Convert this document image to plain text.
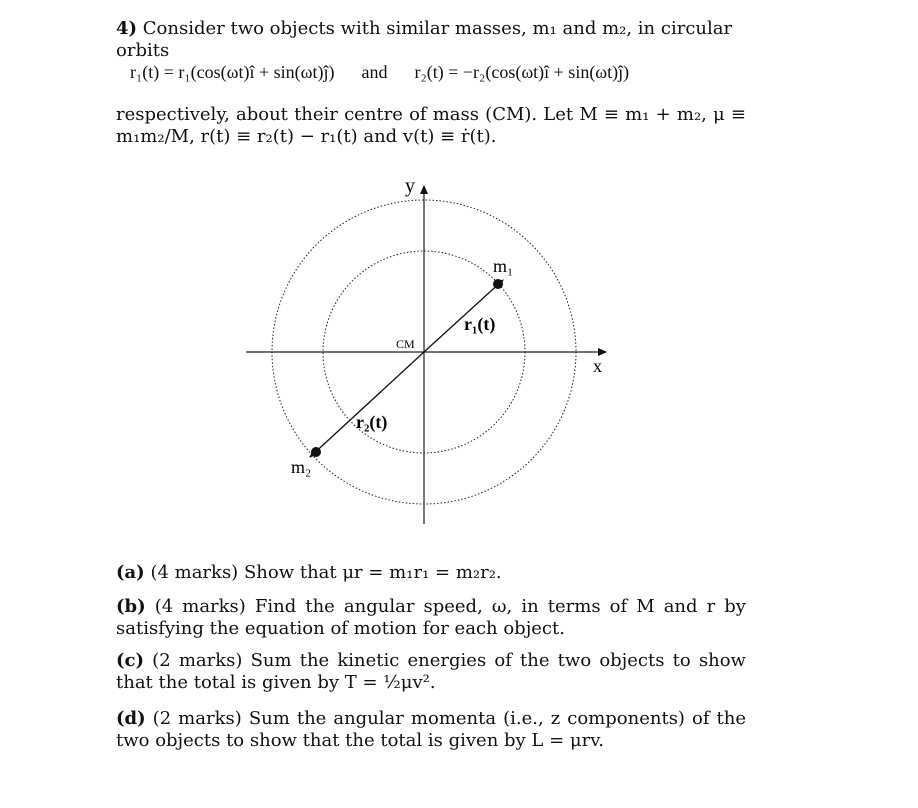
4) Consider two objects with similar masses, m₁ and m₂, in circular orbits
r₁(t) = r₁(cos(ωt)î + sin(ωt)ĵ) and r₂(t) = −r₂(cos(ωt)î + sin(ωt)ĵ)
respectively, about their centre of mass (CM). Let M ≡ m₁ + m₂, μ ≡ m₁m₂/M, r(t) ≡ r₂(t) − r₁(t) and v(t) ≡ ṙ(t).
y
x
CM
m₁
m₂
r₁(t)
r₂(t)
(a) (4 marks) Show that μr = m₁r₁ = m₂r₂.
(b) (4 marks) Find the angular speed, ω, in terms of M and r by satisfying the equation of motion for each object.
(c) (2 marks) Sum the kinetic energies of the two objects to show that the total is given by T = ½μv².
(d) (2 marks) Sum the angular momenta (i.e., z components) of the two objects to show that the total is given by L = μrv.
